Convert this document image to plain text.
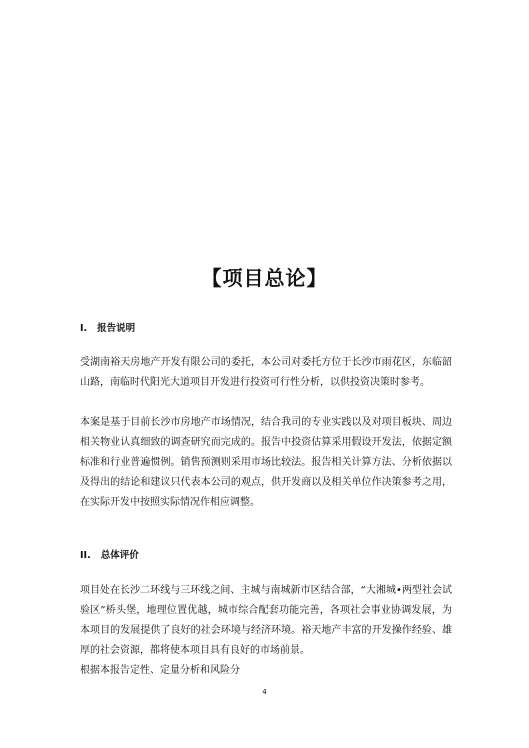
【项目总论】
I. 报告说明

受湖南裕天房地产开发有限公司的委托，本公司对委托方位于长沙市雨花区，东临韶山路，南临时代阳光大道项目开发进行投资可行性分析，以供投资决策时参考。

本案是基于目前长沙市房地产市场情况，结合我司的专业实践以及对项目板块、周边相关物业认真细致的调查研究而完成的。报告中投资估算采用假设开发法，依据定额标准和行业普遍惯例。销售预测则采用市场比较法。报告相关计算方法、分析依据以及得出的结论和建议只代表本公司的观点，供开发商以及相关单位作决策参考之用，在实际开发中按照实际情况作相应调整。

II. 总体评价

项目处在长沙二环线与三环线之间、主城与南城新市区结合部，“大湘城•两型社会试验区”桥头堡，地理位置优越，城市综合配套功能完善，各项社会事业协调发展，为本项目的发展提供了良好的社会环境与经济环境。裕天地产丰富的开发操作经验、雄厚的社会资源，都将使本项目具有良好的市场前景。

根据本报告定性、定量分析和风险分

4
